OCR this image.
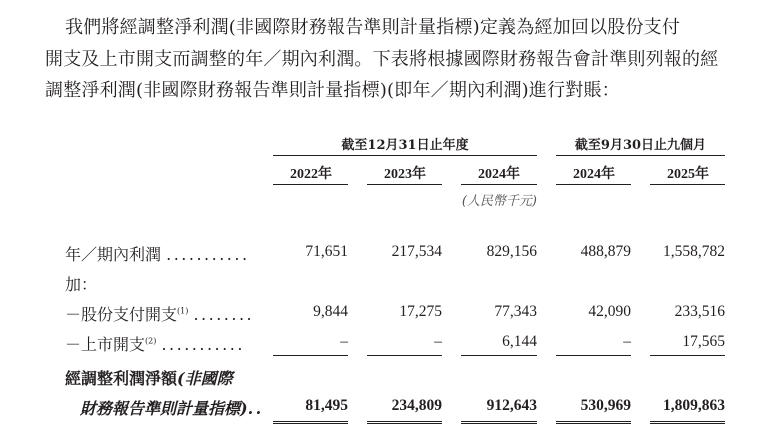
我們將經調整淨利潤(非國際財務報告準則計量指標)定義為經加回以股份支付
開支及上市開支而調整的年／期內利潤。下表將根據國際財務報告會計準則列報的經
調整淨利潤(非國際財務報告準則計量指標)(即年／期內利潤)進行對賬：
截至12月31日止年度	截至9月30日止九個月
2022年	2023年	2024年	2024年	2025年
(人民幣千元)
年／期內利潤 ...........	71,651	217,534	829,156	488,879	1,558,782
加：
－股份支付開支$^{(1)}$ ........	9,844	17,275	77,343	42,090	233,516
－上市開支$^{(2)}$ ...........	–	–	6,144	–	17,565
經調整利潤淨額(非國際
財務報告準則計量指標)..	81,495	234,809	912,643	530,969	1,809,863
